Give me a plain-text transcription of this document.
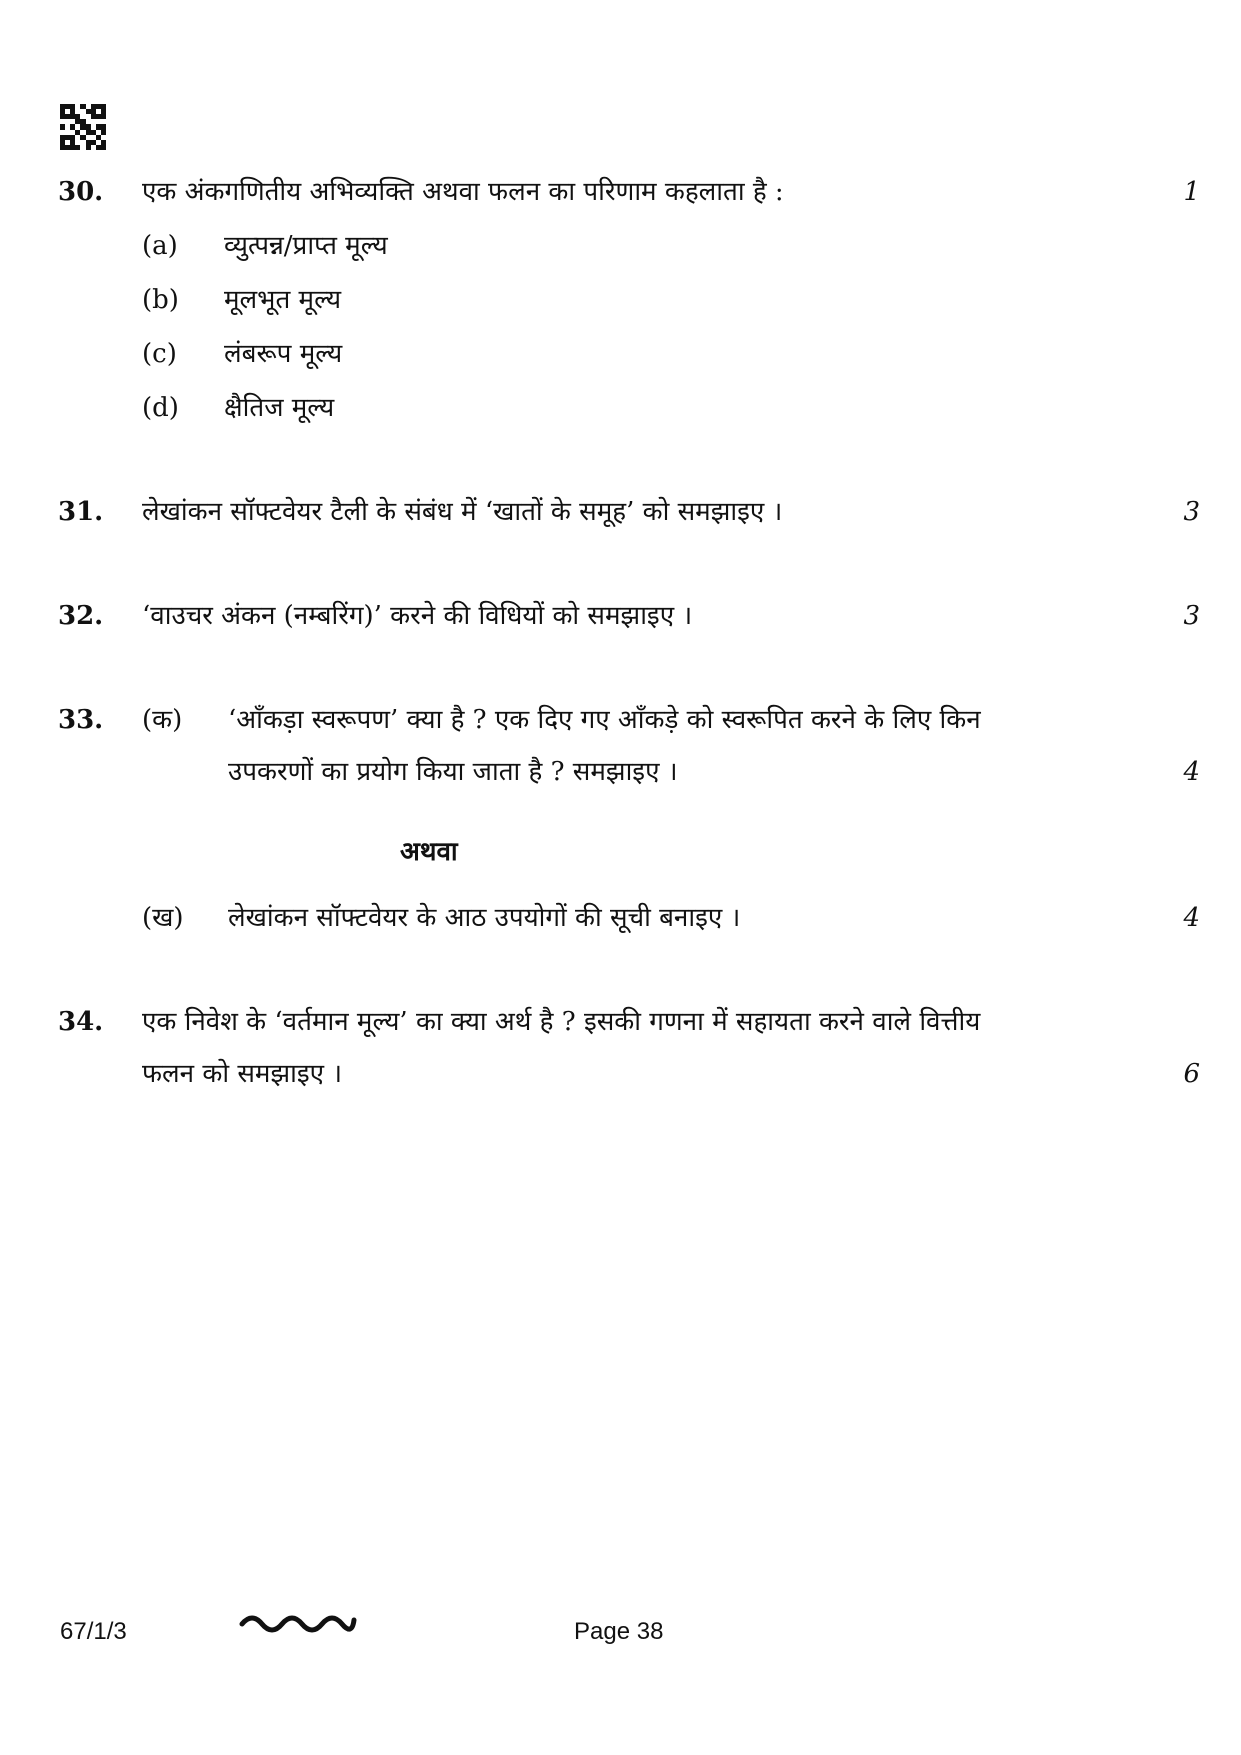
30. एक अंकगणितीय अभिव्यक्ति अथवा फलन का परिणाम कहलाता है :	1
(a) व्युत्पन्न/प्राप्त मूल्य
(b) मूलभूत मूल्य
(c) लंबरूप मूल्य
(d) क्षैतिज मूल्य
31. लेखांकन सॉफ्टवेयर टैली के संबंध में ‘खातों के समूह’ को समझाइए ।	3
32. ‘वाउचर अंकन (नम्बरिंग)’ करने की विधियों को समझाइए ।	3
33. (क) ‘आँकड़ा स्वरूपण’ क्या है ? एक दिए गए आँकड़े को स्वरूपित करने के लिए किन
उपकरणों का प्रयोग किया जाता है ? समझाइए ।	4
अथवा
(ख) लेखांकन सॉफ्टवेयर के आठ उपयोगों की सूची बनाइए ।	4
34. एक निवेश के ‘वर्तमान मूल्य’ का क्या अर्थ है ? इसकी गणना में सहायता करने वाले वित्तीय
फलन को समझाइए ।	6
67/1/3	Page 38
